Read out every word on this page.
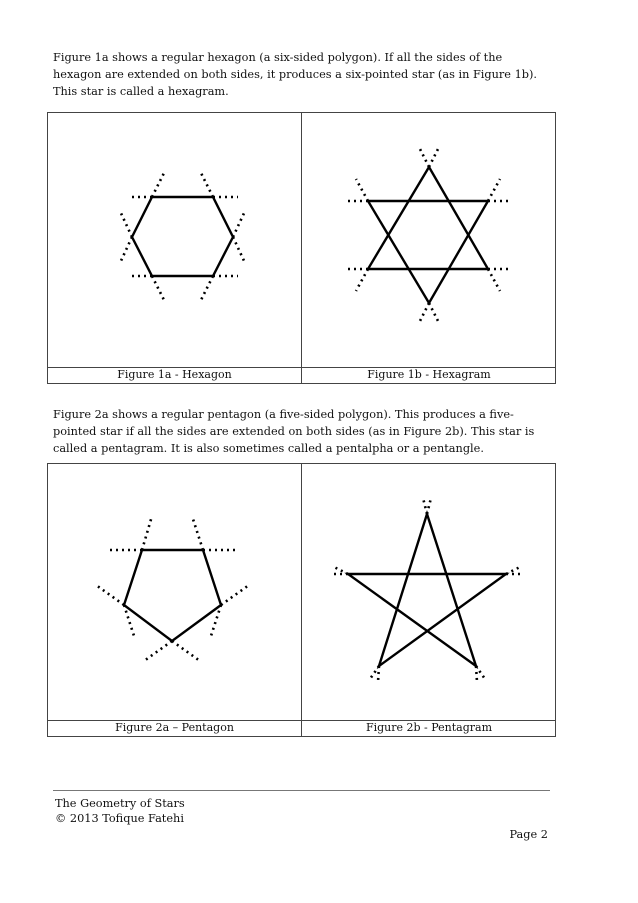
Figure 1a shows a regular hexagon (a six-sided polygon). If all the sides of the hexagon are extended on both sides, it produces a six-pointed star (as in Figure 1b). This star is called a hexagram.

Figure 1a - Hexagon	Figure 1b - Hexagram

Figure 2a shows a regular pentagon (a five-sided polygon). This produces a five-pointed star if all the sides are extended on both sides (as in Figure 2b). This star is called a pentagram. It is also sometimes called a pentalpha or a pentangle.

Figure 2a – Pentagon	Figure 2b - Pentagram

The Geometry of Stars

© 2013 Tofique Fatehi

Page 2
